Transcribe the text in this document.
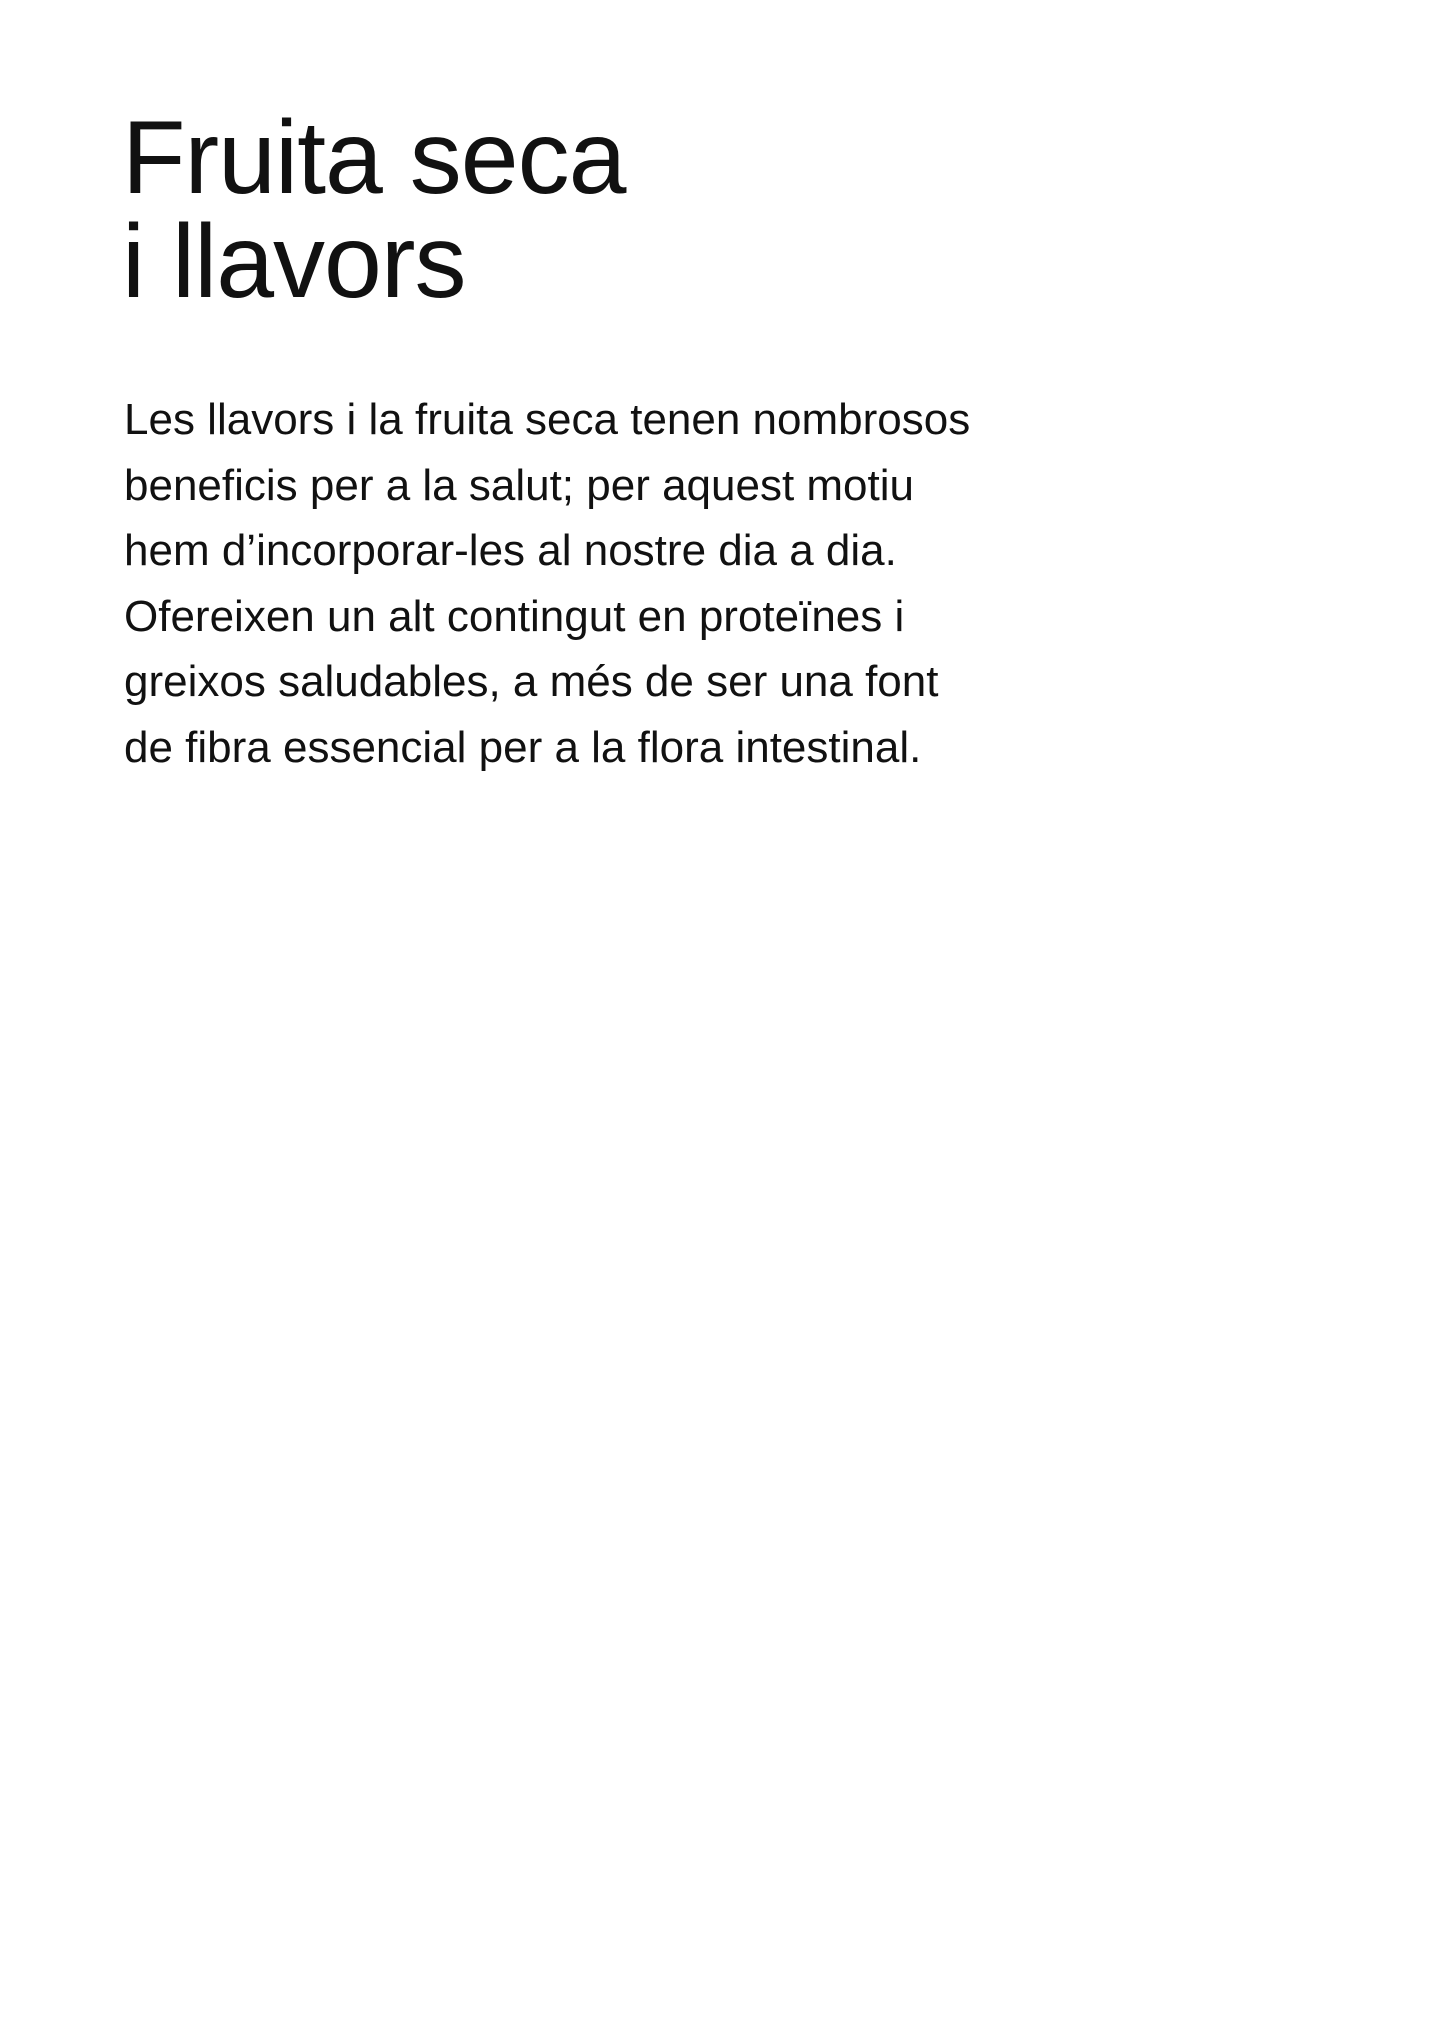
Fruita seca
i llavors

Les llavors i la fruita seca tenen nombrosos
beneficis per a la salut; per aquest motiu
hem d’incorporar-les al nostre dia a dia.
Ofereixen un alt contingut en proteïnes i
greixos saludables, a més de ser una font
de fibra essencial per a la flora intestinal.
